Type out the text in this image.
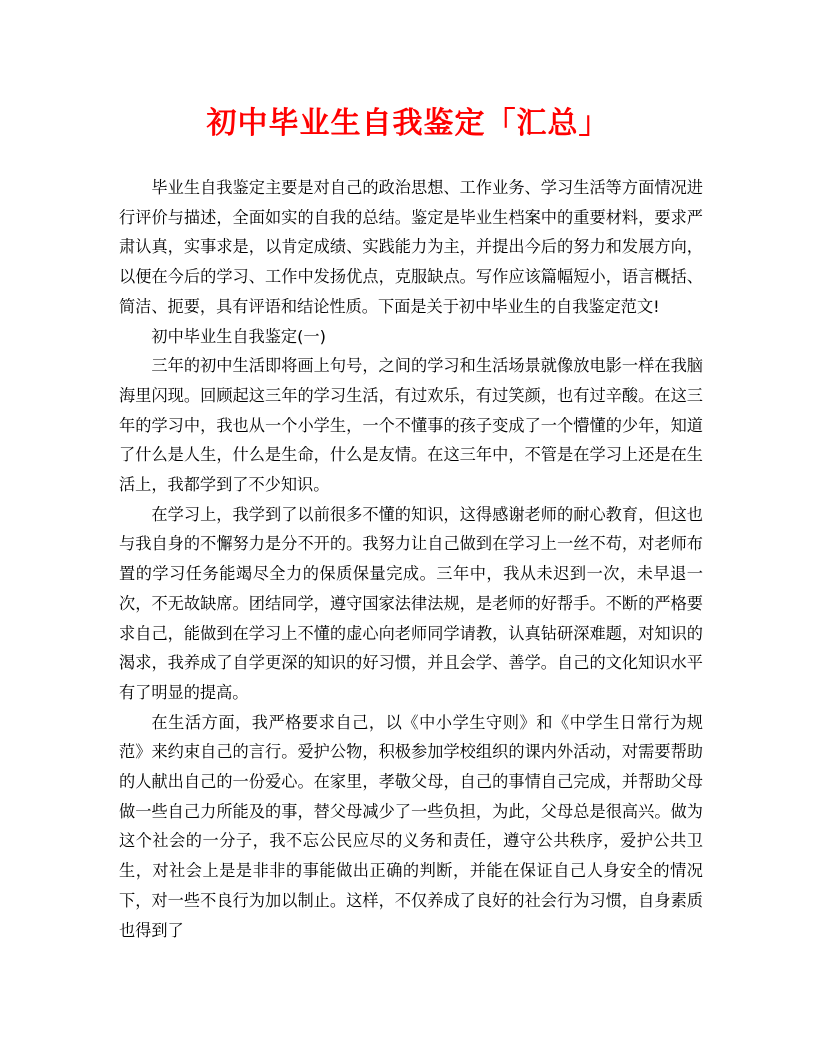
初中毕业生自我鉴定「汇总」

毕业生自我鉴定主要是对自己的政治思想、工作业务、学习生活等方面情况进行评价与描述，全面如实的自我的总结。鉴定是毕业生档案中的重要材料，要求严肃认真，实事求是，以肯定成绩、实践能力为主，并提出今后的努力和发展方向，以便在今后的学习、工作中发扬优点，克服缺点。写作应该篇幅短小，语言概括、简洁、扼要，具有评语和结论性质。下面是关于初中毕业生的自我鉴定范文!

初中毕业生自我鉴定(一)

三年的初中生活即将画上句号，之间的学习和生活场景就像放电影一样在我脑海里闪现。回顾起这三年的学习生活，有过欢乐，有过笑颜，也有过辛酸。在这三年的学习中，我也从一个小学生，一个不懂事的孩子变成了一个懵懂的少年，知道了什么是人生，什么是生命，什么是友情。在这三年中，不管是在学习上还是在生活上，我都学到了不少知识。

在学习上，我学到了以前很多不懂的知识，这得感谢老师的耐心教育，但这也与我自身的不懈努力是分不开的。我努力让自己做到在学习上一丝不苟，对老师布置的学习任务能竭尽全力的保质保量完成。三年中，我从未迟到一次，未早退一次，不无故缺席。团结同学，遵守国家法律法规，是老师的好帮手。不断的严格要求自己，能做到在学习上不懂的虚心向老师同学请教，认真钻研深难题，对知识的渴求，我养成了自学更深的知识的好习惯，并且会学、善学。自己的文化知识水平有了明显的提高。

在生活方面，我严格要求自己，以《中小学生守则》和《中学生日常行为规范》来约束自己的言行。爱护公物，积极参加学校组织的课内外活动，对需要帮助的人献出自己的一份爱心。在家里，孝敬父母，自己的事情自己完成，并帮助父母做一些自己力所能及的事，替父母减少了一些负担，为此，父母总是很高兴。做为这个社会的一分子，我不忘公民应尽的义务和责任，遵守公共秩序，爱护公共卫生，对社会上是是非非的事能做出正确的判断，并能在保证自己人身安全的情况下，对一些不良行为加以制止。这样，不仅养成了良好的社会行为习惯，自身素质也得到了
